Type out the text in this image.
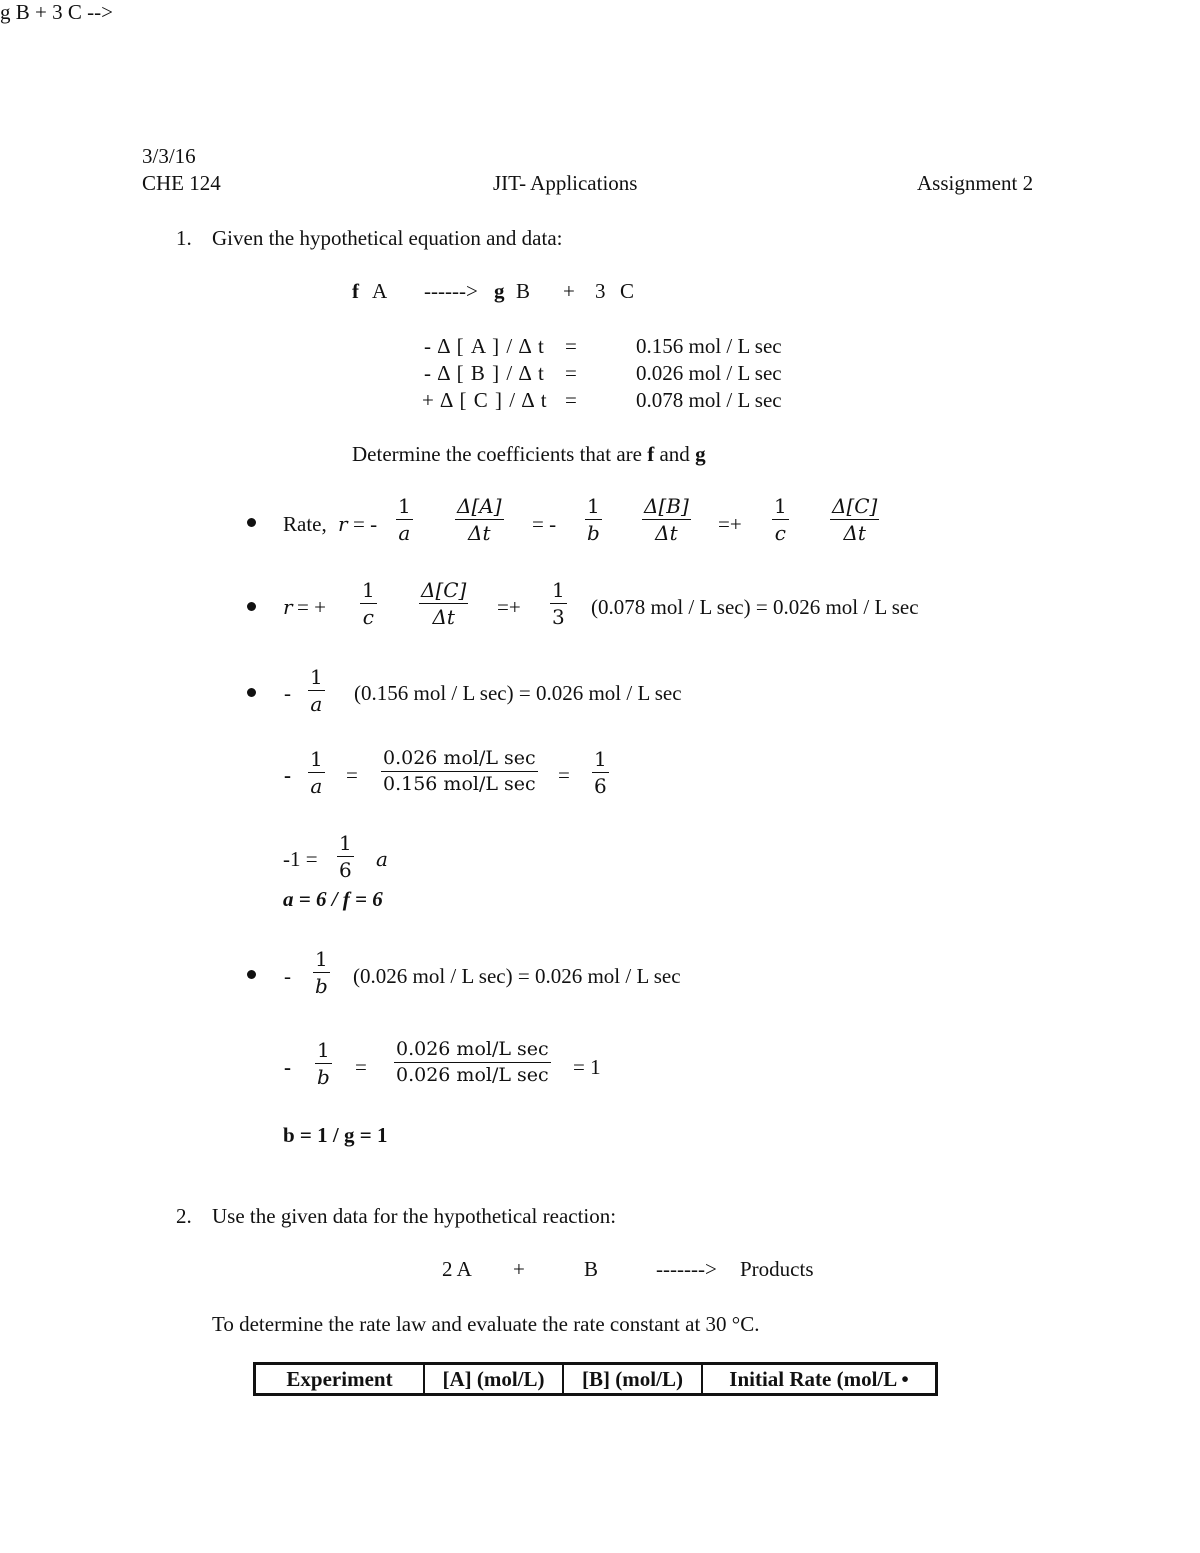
3/3/16
CHE 124	JIT- Applications	Assignment 2
1. Given the hypothetical equation and data:
g B + 3 C -->
f A ------> g B + 3 C
- Δ [ A ] / Δ t =	0.156 mol / L sec
- Δ [ B ] / Δ t =	0.026 mol / L sec
+ Δ [ C ] / Δ t =	0.078 mol / L sec
Determine the coefficients that are f and g
Rate, r = - $\frac{1}{a} \frac{\Delta[A]}{\Delta t}$ = - $\frac{1}{b} \frac{\Delta[B]}{\Delta t} =+ \frac{1}{c} \frac{\Delta[C]}{\Delta t}$
r = + $\frac{1}{c} \frac{\Delta[C]}{\Delta t} =+ \frac{1}{3} (0.078$ mol / L sec) = 0.026 mol / L sec
- $\frac{1}{a} (0.156$ mol / L sec) = 0.026 mol / L sec
- $\frac{1}{a}$ =
0.026 mol/L sec
0.156 mol/L $\sec = \frac{1}{6}$
$-1 = \frac{1}{6}$ a
a = 6 / f = 6
- $\frac{1}{b} (0.026$ mol / L sec) = 0.026 mol / L sec
- $\frac{1}{b}$ =
0.026 mol/L sec
0.026 mol/L sec = 1
b = 1 / g = 1
2. Use the given data for the hypothetical reaction:
2 A +	B	-------> Products
To determine the rate law and evaluate the rate constant at 30 °C.
Experiment	[A] (mol/L)	[B] (mol/L)	Initial Rate (mol/L •
